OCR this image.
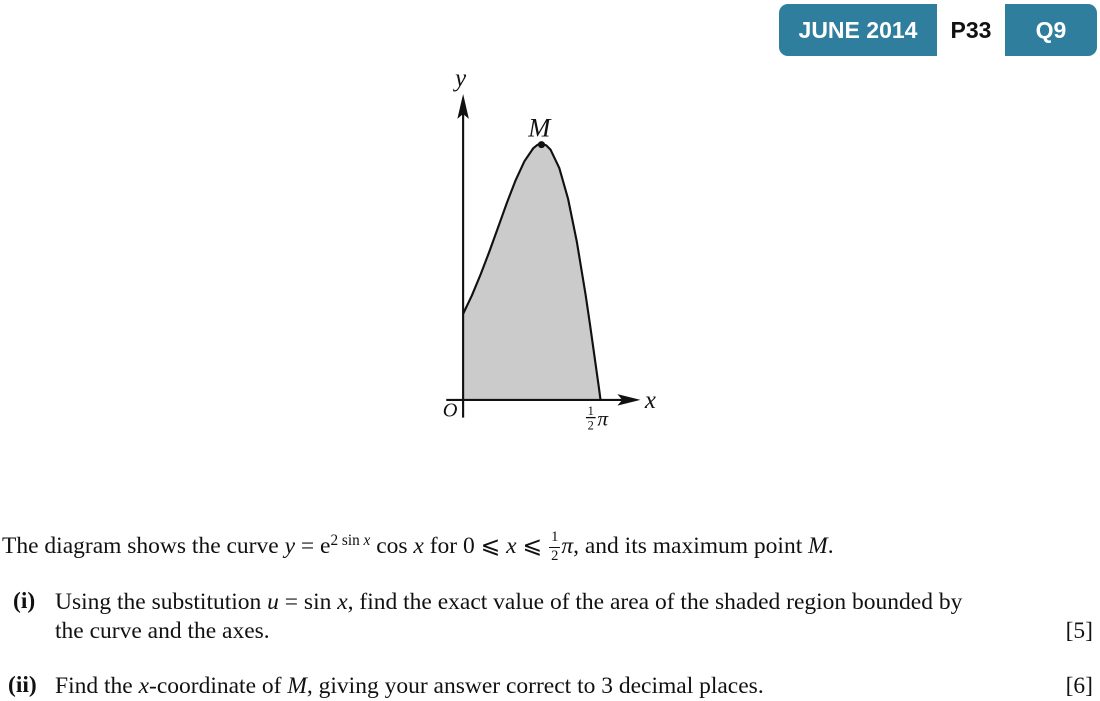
JUNE 2014	P33	Q9
y
x
O
M
1
2 π
The diagram shows the curve $y = e^{2 sin}$ $^x$ cos x for 0 ⩽ x ⩽ $\frac{1}{2} \pi$, and its maximum point M.
(i) Using the substitution u = sin x, find the exact value of the area of the shaded region bounded by
the curve and the axes.	[5]
(ii) Find the x-coordinate of M, giving your answer correct to 3 decimal places.	[6]
